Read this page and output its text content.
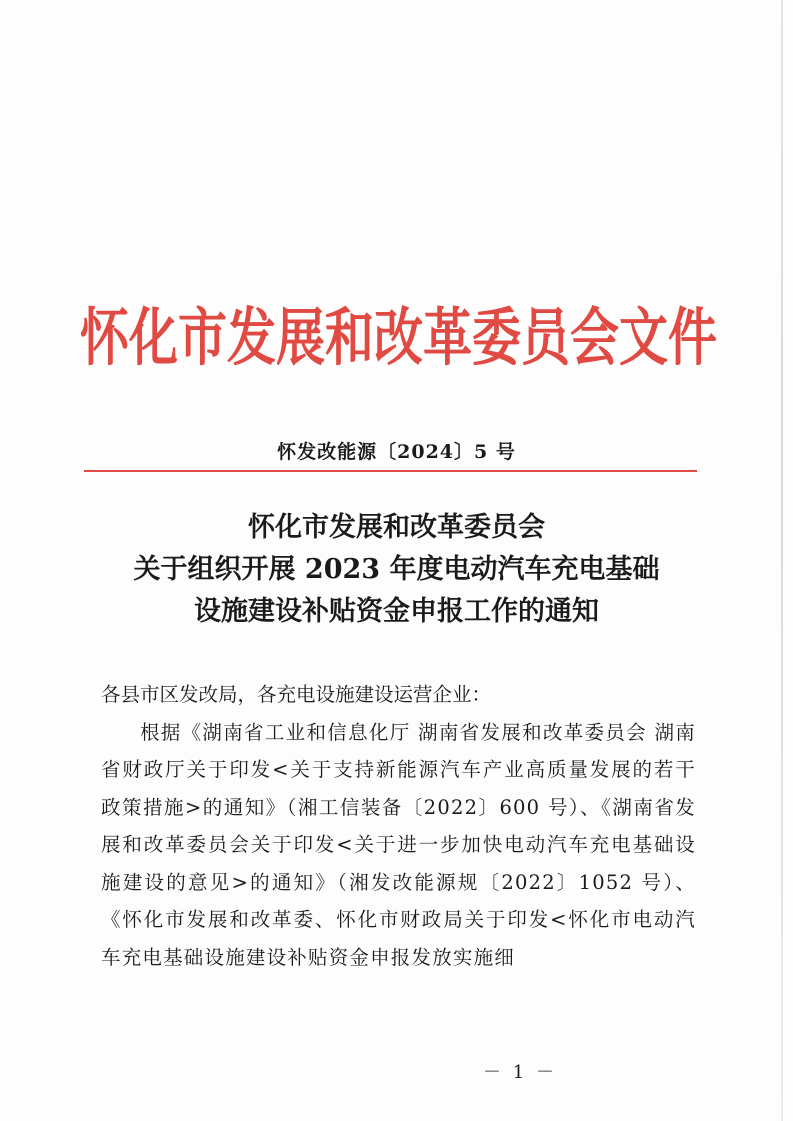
怀化市发展和改革委员会文件
怀发改能源〔2024〕5 号
怀化市发展和改革委员会
关于组织开展 2023 年度电动汽车充电基础
设施建设补贴资金申报工作的通知

各县市区发改局，各充电设施建设运营企业：

根据《湖南省工业和信息化厅 湖南省发展和改革委员会 湖南省财政厅关于印发<关于支持新能源汽车产业高质量发展的若干政策措施>的通知》（湘工信装备〔2022〕600 号）、《湖南省发展和改革委员会关于印发<关于进一步加快电动汽车充电基础设施建设的意见>的通知》（湘发改能源规〔2022〕1052 号）、《怀化市发展和改革委、怀化市财政局关于印发<怀化市电动汽车充电基础设施建设补贴资金申报发放实施细

－ 1 －
